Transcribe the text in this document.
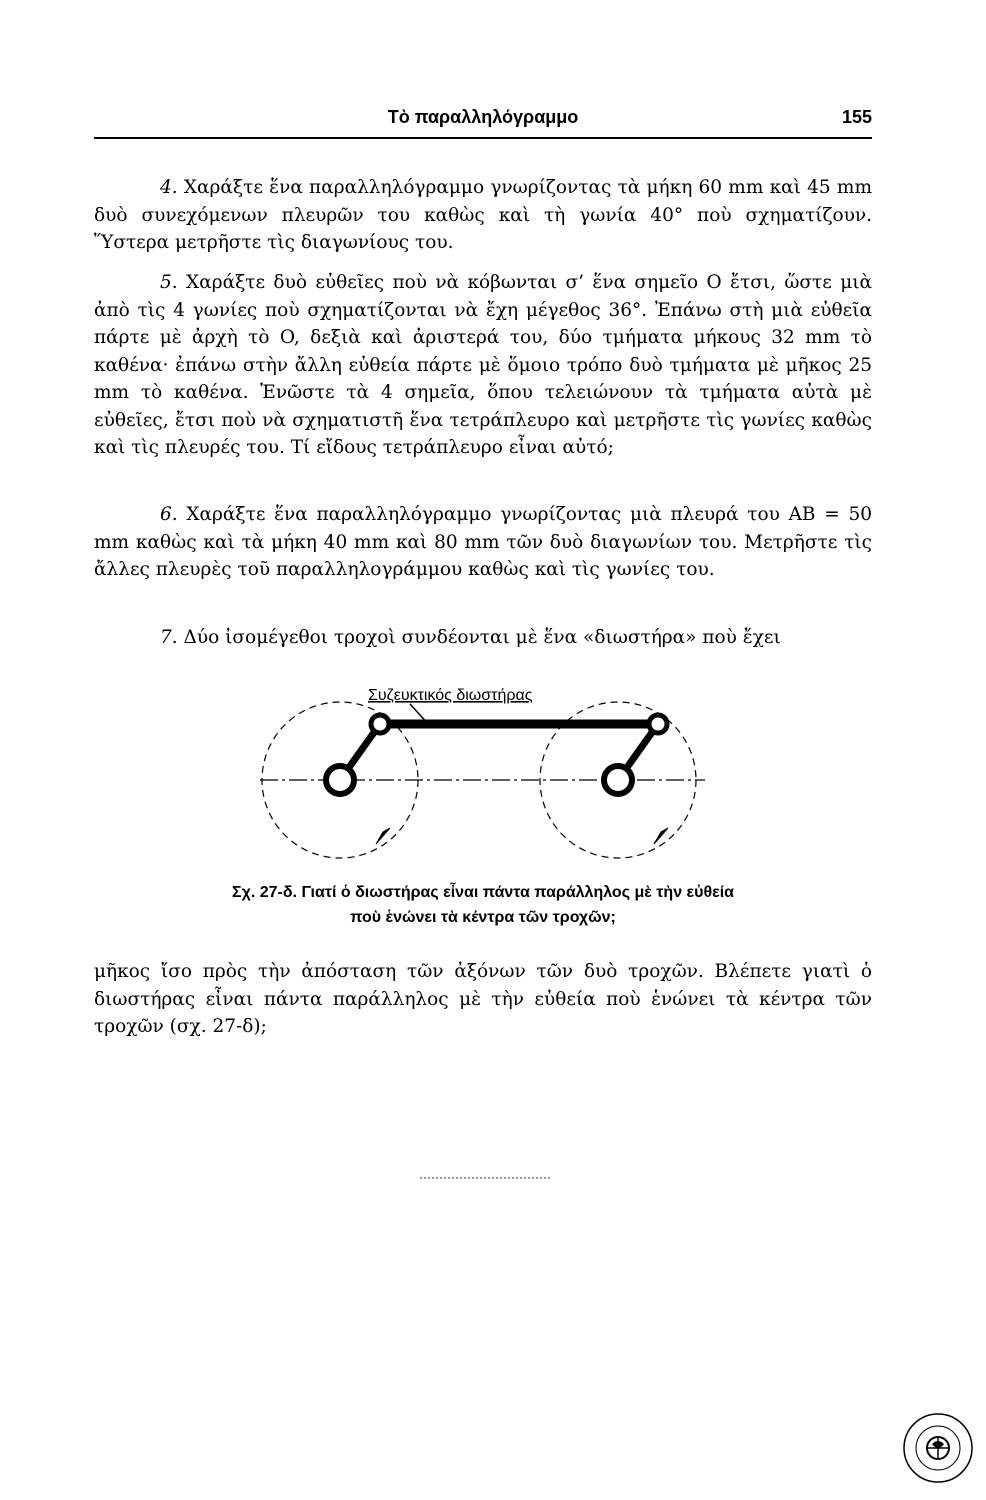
Τὸ παραλληλόγραμμο	155
4. Χαράξτε ἕνα παραλληλόγραμμο γνωρίζοντας τὰ μήκη 60 mm καὶ 45 mm δυὸ συνεχόμενων πλευρῶν του καθὼς καὶ τὴ γωνία 40° ποὺ σχηματίζουν. Ὕστερα μετρῆστε τὶς διαγωνίους του.
5. Χαράξτε δυὸ εὐθεῖες ποὺ νὰ κόβωνται σ’ ἕνα σημεῖο O ἔτσι, ὥστε μιὰ ἀπὸ τὶς 4 γωνίες ποὺ σχηματίζονται νὰ ἔχη μέγεθος 36°. Ἐπάνω στὴ μιὰ εὐθεῖα πάρτε μὲ ἀρχὴ τὸ O, δεξιὰ καὶ ἀριστερά του, δύο τμήματα μήκους 32 mm τὸ καθένα· ἐπάνω στὴν ἄλλη εὐθεία πάρτε μὲ ὅμοιο τρόπο δυὸ τμήματα μὲ μῆκος 25 mm τὸ καθένα. Ἑνῶστε τὰ 4 σημεῖα, ὅπου τελειώνουν τὰ τμήματα αὐτὰ μὲ εὐθεῖες, ἔτσι ποὺ νὰ σχηματιστῆ ἕνα τετράπλευρο καὶ μετρῆστε τὶς γωνίες καθὼς καὶ τὶς πλευρές του. Τί εἴδους τετράπλευρο εἶναι αὐτό;
6. Χαράξτε ἕνα παραλληλόγραμμο γνωρίζοντας μιὰ πλευρά του AB = 50 mm καθὼς καὶ τὰ μήκη 40 mm καὶ 80 mm τῶν δυὸ διαγωνίων του. Μετρῆστε τὶς ἄλλες πλευρὲς τοῦ παραλληλογράμμου καθὼς καὶ τὶς γωνίες του.
7. Δύο ἰσομέγεθοι τροχοὶ συνδέονται μὲ ἕνα «διωστήρα» ποὺ ἔχει
Συζευκτικός διωστήρας
Σχ. 27-δ. Γιατί ὁ διωστήρας εἶναι πάντα παράλληλος μὲ τὴν εὐθεία
ποὺ ἑνώνει τὰ κέντρα τῶν τροχῶν;
μῆκος ἴσο πρὸς τὴν ἀπόσταση τῶν ἀξόνων τῶν δυὸ τροχῶν. Βλέπετε γιατὶ ὁ διωστήρας εἶναι πάντα παράλληλος μὲ τὴν εὐθεία ποὺ ἑνώνει τὰ κέντρα τῶν τροχῶν (σχ. 27-δ);
